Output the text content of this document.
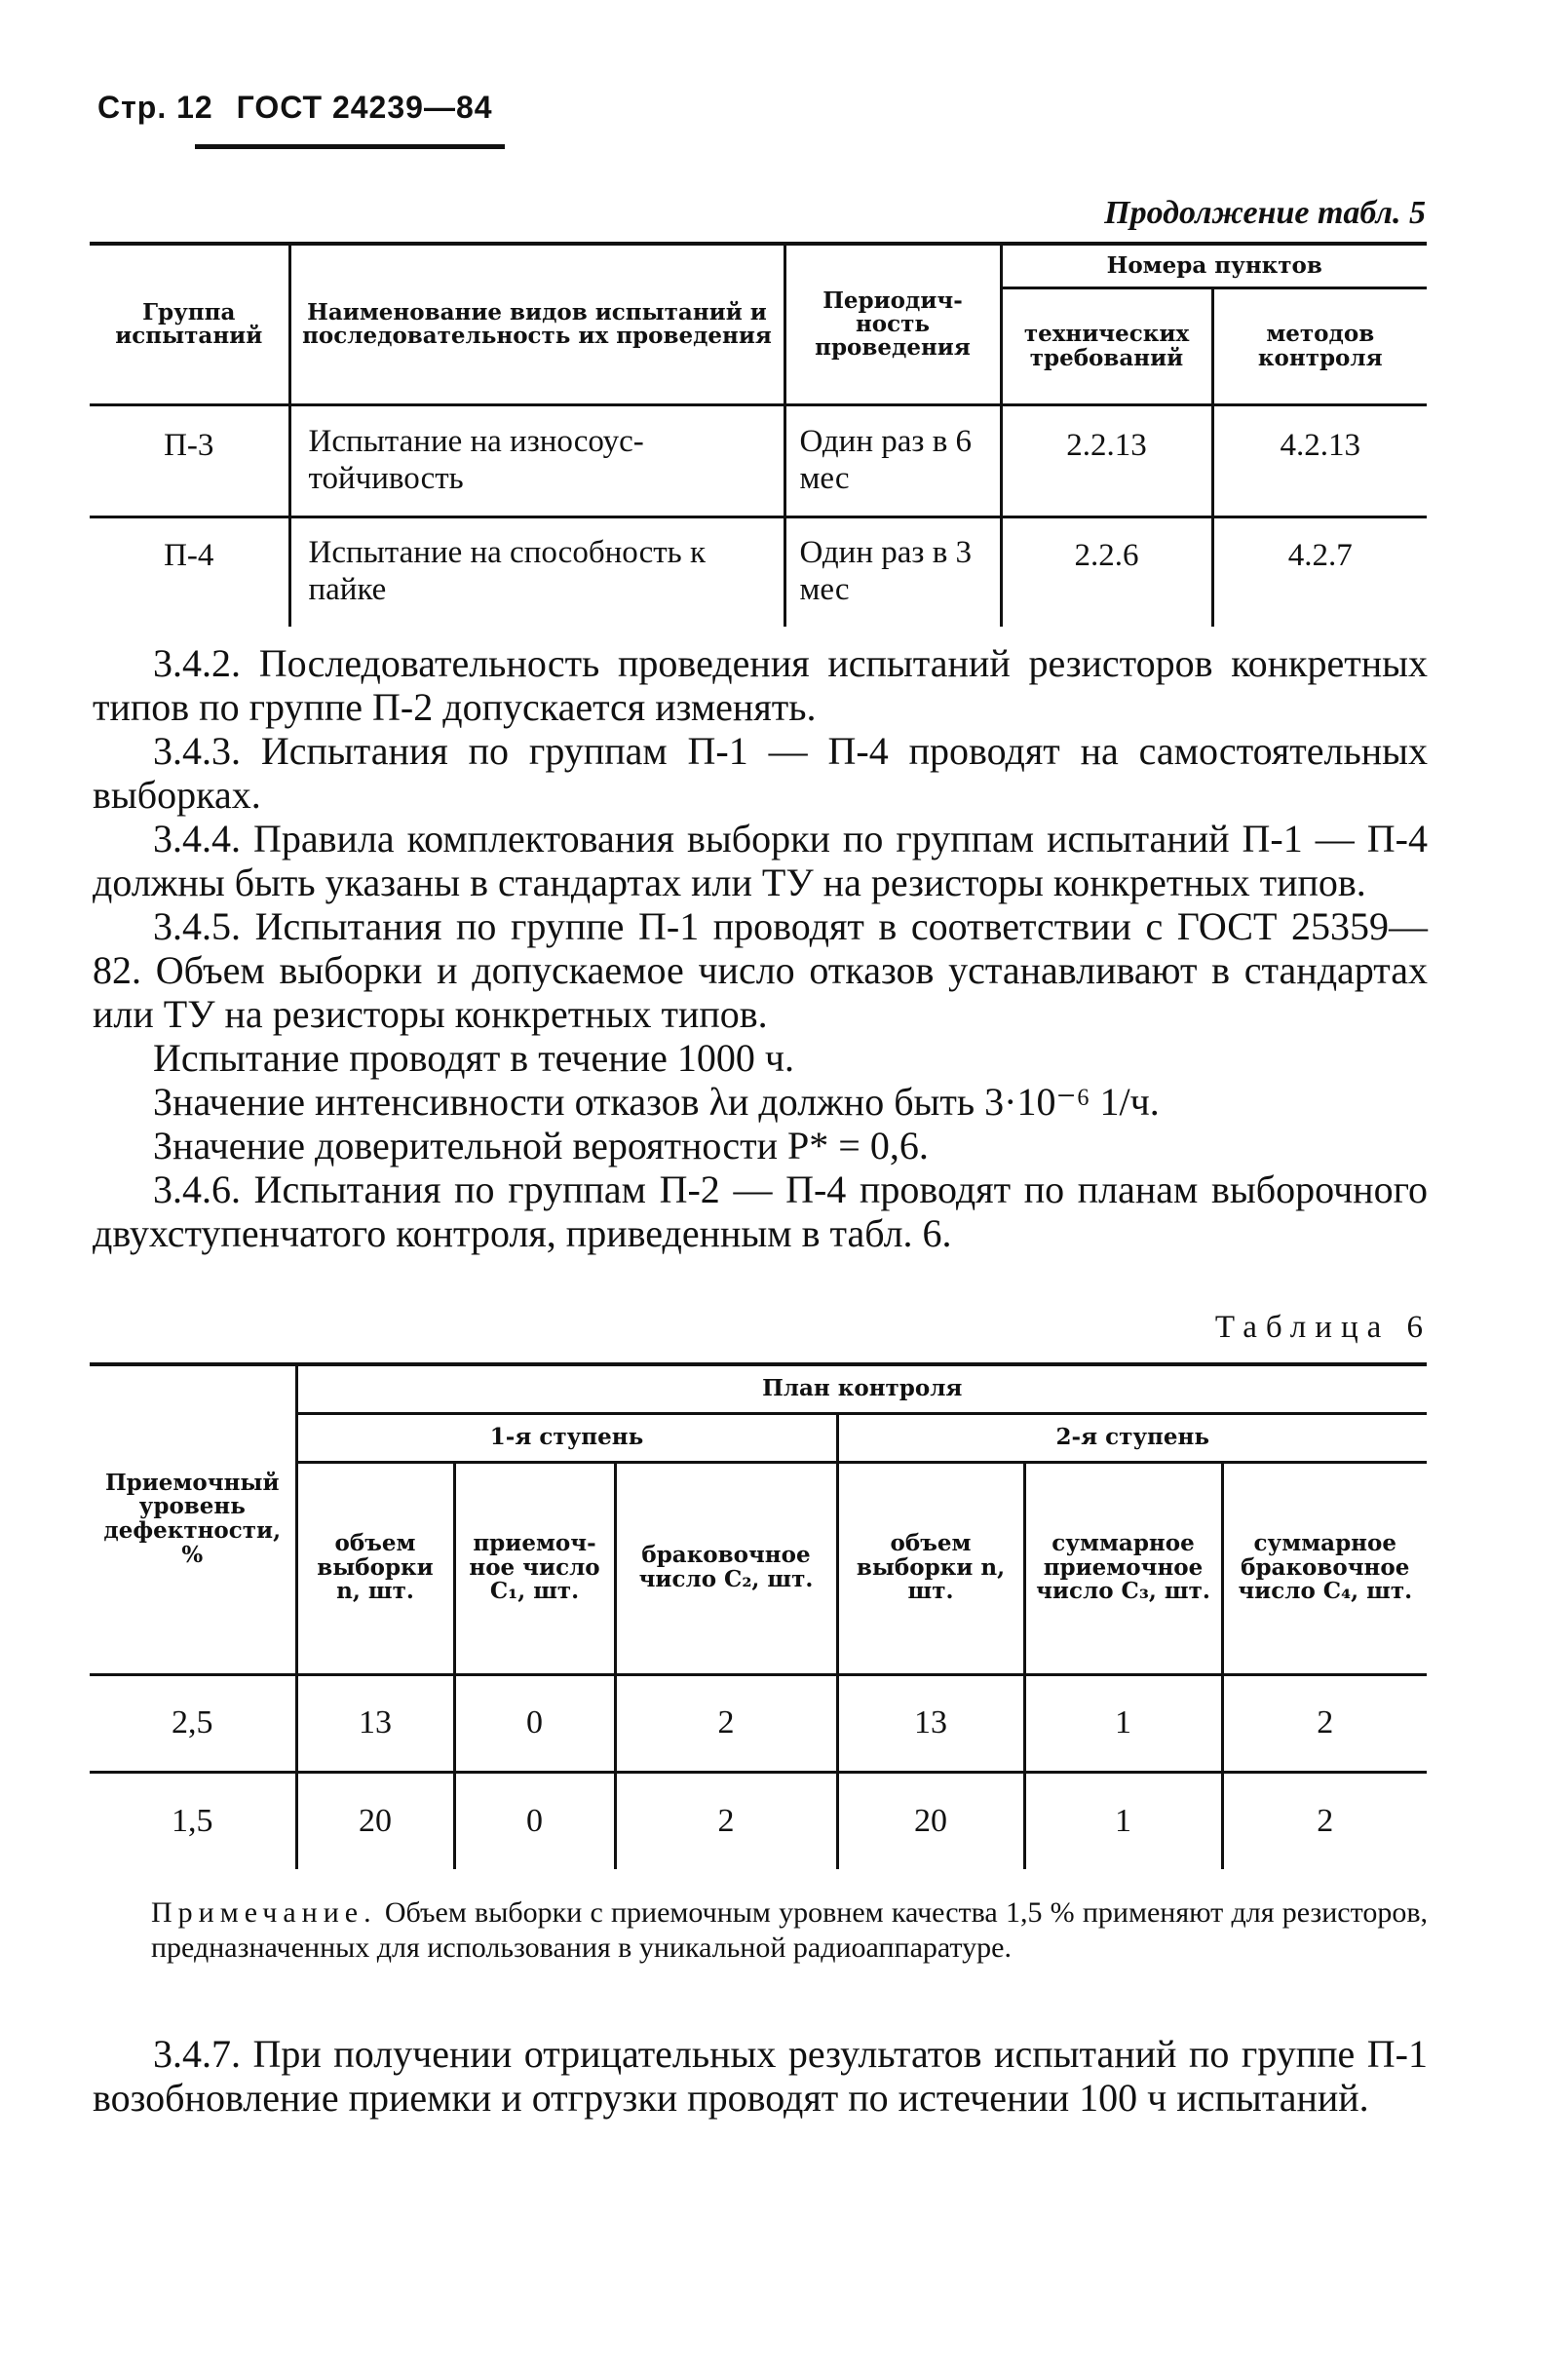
Стр. 12 ГОСТ 24239—84
Продолжение табл. 5
Группа испытаний	Наименование видов испытаний и последовательность их проведения	Периодич-ность проведения	Номера пунктов	
			технических требований	методов контроля
П-3	Испытание на износоус-тойчивость	Один раз в 6 мес	2.2.13	4.2.13
П-4	Испытание на способность к пайке	Один раз в 3 мес	2.2.6	4.2.7

3.4.2. Последовательность проведения испытаний резисторов конкретных типов по группе П-2 допускается изменять.

3.4.3. Испытания по группам П-1 — П-4 проводят на самостоятельных выборках.

3.4.4. Правила комплектования выборки по группам испытаний П-1 — П-4 должны быть указаны в стандартах или ТУ на резисторы конкретных типов.

3.4.5. Испытания по группе П-1 проводят в соответствии с ГОСТ 25359—82. Объем выборки и допускаемое число отказов устанавливают в стандартах или ТУ на резисторы конкретных типов.

Испытание проводят в течение 1000 ч.

Значение интенсивности отказов λи должно быть 3·10⁻⁶ 1/ч.

Значение доверительной вероятности P* = 0,6.

3.4.6. Испытания по группам П-2 — П-4 проводят по планам выборочного двухступенчатого контроля, приведенным в табл. 6.

Таблица 6
Приемочный уровень дефектности, %	План контроля					
	1-я ступень			2-я ступень		
	объем выборки n, шт.	приемоч-ное число C₁, шт.	браковочное число C₂, шт.	объем выборки n, шт.	суммарное приемочное число C₃, шт.	суммарное браковочное число C₄, шт.
2,5	13	0	2	13	1	2
1,5	20	0	2	20	1	2
Примечание. Объем выборки с приемочным уровнем качества 1,5 % применяют для резисторов, предназначенных для использования в уникальной радиоаппаратуре.

3.4.7. При получении отрицательных результатов испытаний по группе П-1 возобновление приемки и отгрузки проводят по истечении 100 ч испытаний.
